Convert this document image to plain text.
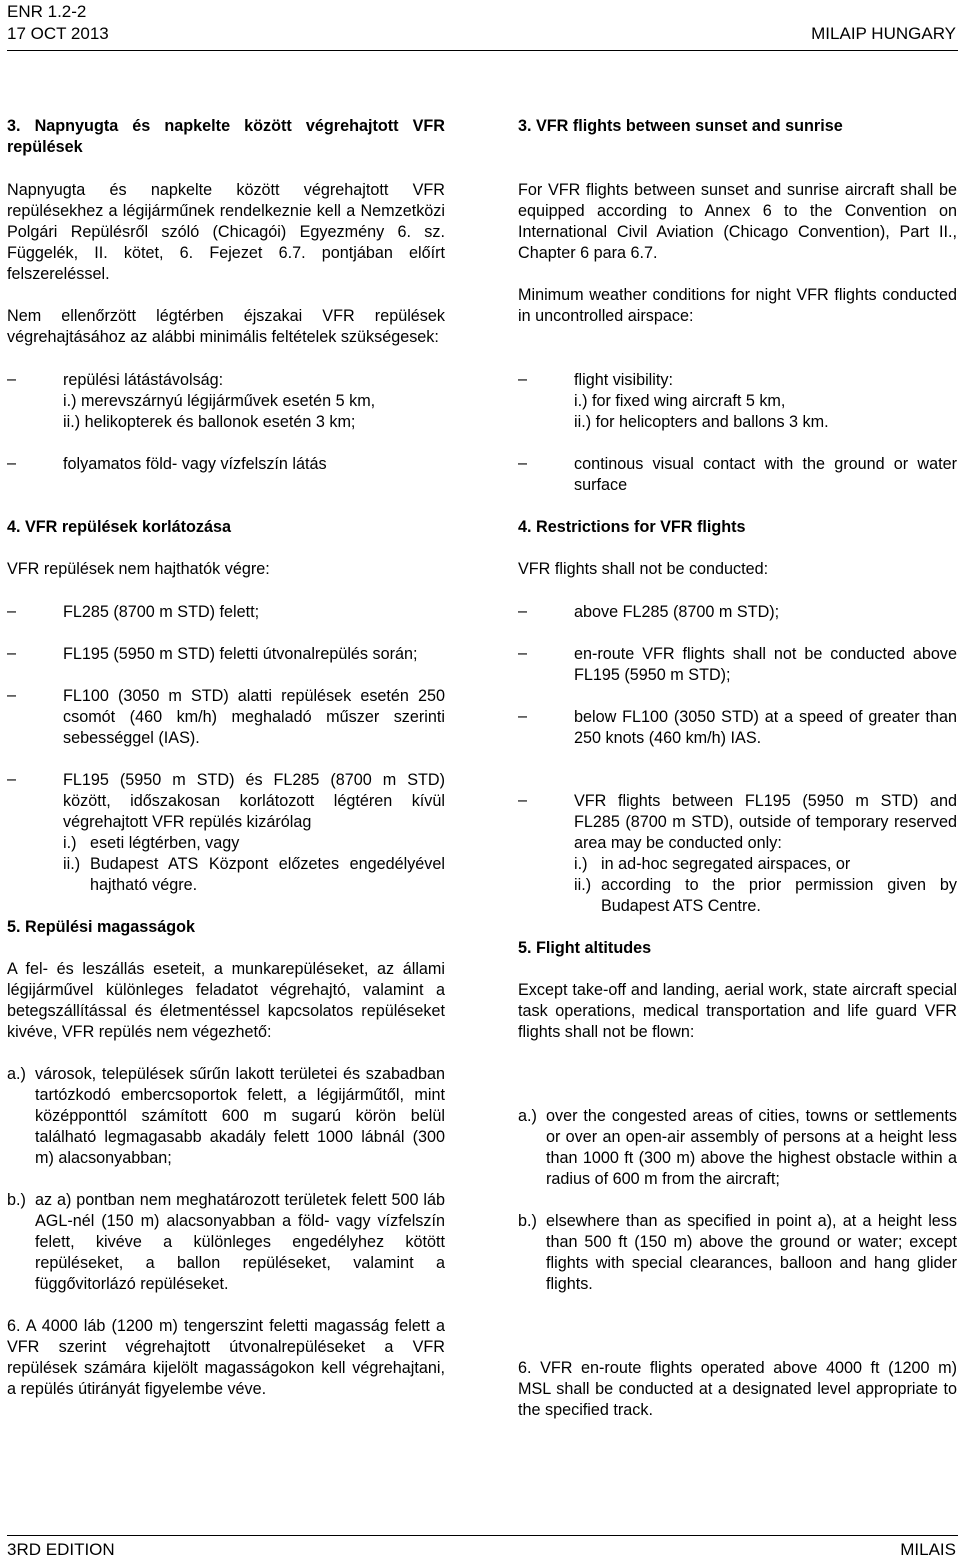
ENR 1.2-2
17 OCT 2013	MILAIP HUNGARY

3. Napnyugta és napkelte között végrehajtott VFR repülések

Napnyugta és napkelte között végrehajtott VFR repülésekhez a légijárműnek rendelkeznie kell a Nemzetközi Polgári Repülésről szóló (Chicagói) Egyezmény 6. sz. Függelék, II. kötet, 6. Fejezet 6.7. pontjában előírt felszereléssel.

Nem ellenőrzött légtérben éjszakai VFR repülések végrehajtásához az alábbi minimális feltételek szükségesek:

–	repülési látástávolság:
i.) merevszárnyú légijárművek esetén 5 km,
ii.) helikopterek és ballonok esetén 3 km;
–	folyamatos föld- vagy vízfelszín látás

4. VFR repülések korlátozása

VFR repülések nem hajthatók végre:

–	FL285 (8700 m STD) felett;
–	FL195 (5950 m STD) feletti útvonalrepülés során;
–	FL100 (3050 m STD) alatti repülések esetén 250 csomót (460 km/h) meghaladó műszer szerinti sebességgel (IAS).
–	FL195 (5950 m STD) és FL285 (8700 m STD) között, időszakosan korlátozott légtéren kívül végrehajtott VFR repülés kizárólag
i.) eseti légtérben, vagy
ii.) Budapest ATS Központ előzetes engedélyével hajtható végre.

5. Repülési magasságok

A fel- és leszállás eseteit, a munkarepüléseket, az állami légijárművel különleges feladatot végrehajtó, valamint a betegszállítással és életmentéssel kapcsolatos repüléseket kivéve, VFR repülés nem végezhető:

a.) városok, települések sűrűn lakott területei és szabadban tartózkodó embercsoportok felett, a légijárműtől, mint középponttól számított 600 m sugarú körön belül található legmagasabb akadály felett 1000 lábnál (300 m) alacsonyabban;
b.) az a) pontban nem meghatározott területek felett 500 láb AGL-nél (150 m) alacsonyabban a föld- vagy vízfelszín felett, kivéve a különleges engedélyhez kötött repüléseket, a ballon repüléseket, valamint a függővitorlázó repüléseket.

6. A 4000 láb (1200 m) tengerszint feletti magasság felett a VFR szerint végrehajtott útvonalrepüléseket a VFR repülések számára kijelölt magasságokon kell végrehajtani, a repülés útirányát figyelembe véve.

3. VFR flights between sunset and sunrise

For VFR flights between sunset and sunrise aircraft shall be equipped according to Annex 6 to the Convention on International Civil Aviation (Chicago Convention), Part II., Chapter 6 para 6.7.

Minimum weather conditions for night VFR flights conducted in uncontrolled airspace:

–	flight visibility:
i.) for fixed wing aircraft 5 km,
ii.) for helicopters and ballons 3 km.
–	continous visual contact with the ground or water surface

4. Restrictions for VFR flights

VFR flights shall not be conducted:

–	above FL285 (8700 m STD);
–	en-route VFR flights shall not be conducted above FL195 (5950 m STD);
–	below FL100 (3050 STD) at a speed of greater than 250 knots (460 km/h) IAS.
–	VFR flights between FL195 (5950 m STD) and FL285 (8700 m STD), outside of temporary reserved area may be conducted only:
i.) in ad-hoc segregated airspaces, or
ii.) according to the prior permission given by Budapest ATS Centre.

5. Flight altitudes

Except take-off and landing, aerial work, state aircraft special task operations, medical transportation and life guard VFR flights shall not be flown:

a.) over the congested areas of cities, towns or settlements or over an open-air assembly of persons at a height less than 1000 ft (300 m) above the highest obstacle within a radius of 600 m from the aircraft;
b.) elsewhere than as specified in point a), at a height less than 500 ft (150 m) above the ground or water; except flights with special clearances, balloon and hang glider flights.

6. VFR en-route flights operated above 4000 ft (1200 m) MSL shall be conducted at a designated level appropriate to the specified track.

3RD EDITION	MILAIS
